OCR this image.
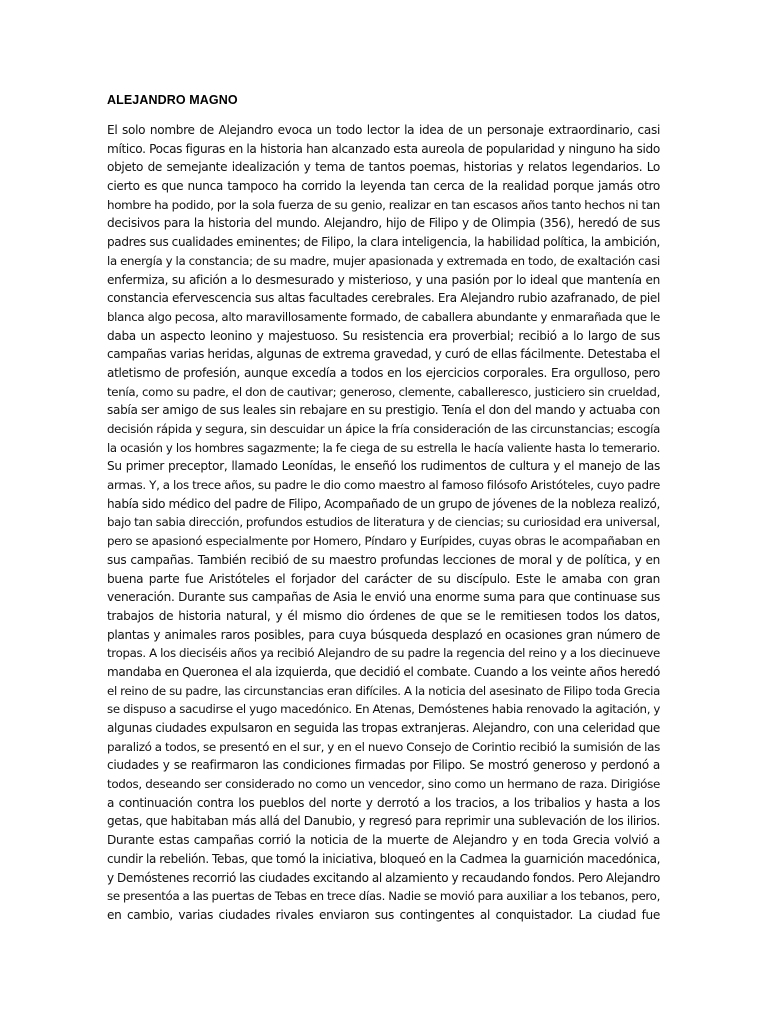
ALEJANDRO MAGNO
El solo nombre de Alejandro evoca un todo lector la idea de un personaje extraordinario, casi
mítico. Pocas figuras en la historia han alcanzado esta aureola de popularidad y ninguno ha sido
objeto de semejante idealización y tema de tantos poemas, historias y relatos legendarios. Lo
cierto es que nunca tampoco ha corrido la leyenda tan cerca de la realidad porque jamás otro
hombre ha podido, por la sola fuerza de su genio, realizar en tan escasos años tanto hechos ni tan
decisivos para la historia del mundo. Alejandro, hijo de Filipo y de Olimpia (356), heredó de sus
padres sus cualidades eminentes; de Filipo, la clara inteligencia, la habilidad política, la ambición,
la energía y la constancia; de su madre, mujer apasionada y extremada en todo, de exaltación casi
enfermiza, su afición a lo desmesurado y misterioso, y una pasión por lo ideal que mantenía en
constancia efervescencia sus altas facultades cerebrales. Era Alejandro rubio azafranado, de piel
blanca algo pecosa, alto maravillosamente formado, de caballera abundante y enmarañada que le
daba un aspecto leonino y majestuoso. Su resistencia era proverbial; recibió a lo largo de sus
campañas varias heridas, algunas de extrema gravedad, y curó de ellas fácilmente. Detestaba el
atletismo de profesión, aunque excedía a todos en los ejercicios corporales. Era orgulloso, pero
tenía, como su padre, el don de cautivar; generoso, clemente, caballeresco, justiciero sin crueldad,
sabía ser amigo de sus leales sin rebajare en su prestigio. Tenía el don del mando y actuaba con
decisión rápida y segura, sin descuidar un ápice la fría consideración de las circunstancias; escogía
la ocasión y los hombres sagazmente; la fe ciega de su estrella le hacía valiente hasta lo temerario.
Su primer preceptor, llamado Leonídas, le enseñó los rudimentos de cultura y el manejo de las
armas. Y, a los trece años, su padre le dio como maestro al famoso filósofo Aristóteles, cuyo padre
había sido médico del padre de Filipo, Acompañado de un grupo de jóvenes de la nobleza realizó,
bajo tan sabia dirección, profundos estudios de literatura y de ciencias; su curiosidad era universal,
pero se apasionó especialmente por Homero, Píndaro y Eurípides, cuyas obras le acompañaban en
sus campañas. También recibió de su maestro profundas lecciones de moral y de política, y en
buena parte fue Aristóteles el forjador del carácter de su discípulo. Este le amaba con gran
veneración. Durante sus campañas de Asia le envió una enorme suma para que continuase sus
trabajos de historia natural, y él mismo dio órdenes de que se le remitiesen todos los datos,
plantas y animales raros posibles, para cuya búsqueda desplazó en ocasiones gran número de
tropas. A los dieciséis años ya recibió Alejandro de su padre la regencia del reino y a los diecinueve
mandaba en Queronea el ala izquierda, que decidió el combate. Cuando a los veinte años heredó
el reino de su padre, las circunstancias eran difíciles. A la noticia del asesinato de Filipo toda Grecia
se dispuso a sacudirse el yugo macedónico. En Atenas, Demóstenes habia renovado la agitación, y
algunas ciudades expulsaron en seguida las tropas extranjeras. Alejandro, con una celeridad que
paralizó a todos, se presentó en el sur, y en el nuevo Consejo de Corintio recibió la sumisión de las
ciudades y se reafirmaron las condiciones firmadas por Filipo. Se mostró generoso y perdonó a
todos, deseando ser considerado no como un vencedor, sino como un hermano de raza. Dirigióse
a continuación contra los pueblos del norte y derrotó a los tracios, a los tribalios y hasta a los
getas, que habitaban más allá del Danubio, y regresó para reprimir una sublevación de los ilirios.
Durante estas campañas corrió la noticia de la muerte de Alejandro y en toda Grecia volvió a
cundir la rebelión. Tebas, que tomó la iniciativa, bloqueó en la Cadmea la guarnición macedónica,
y Demóstenes recorrió las ciudades excitando al alzamiento y recaudando fondos. Pero Alejandro
se presentóa a las puertas de Tebas en trece días. Nadie se movió para auxiliar a los tebanos, pero,
en cambio, varias ciudades rivales enviaron sus contingentes al conquistador. La ciudad fue
